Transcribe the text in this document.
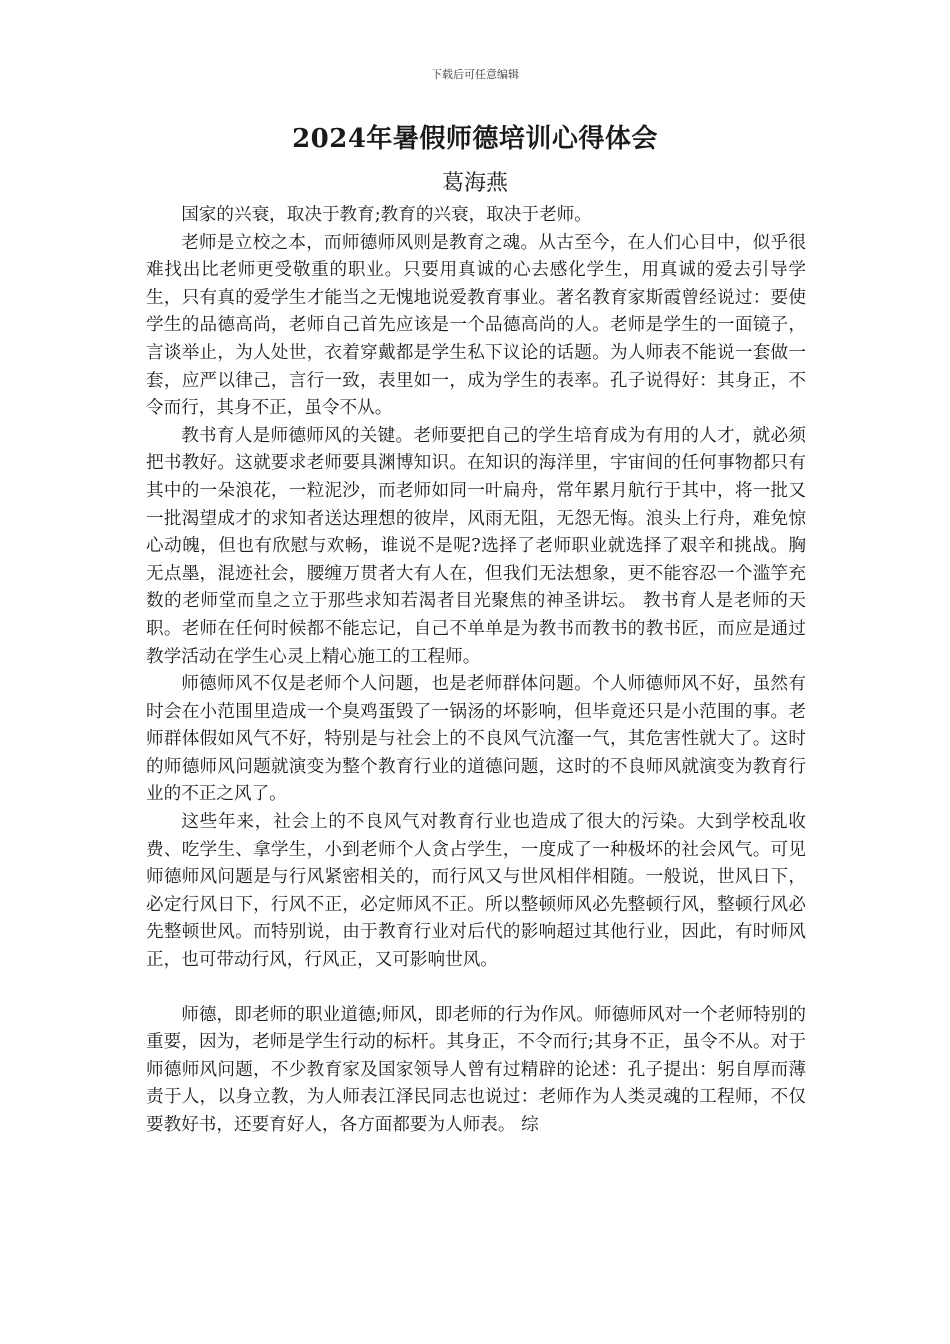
下载后可任意编辑
2024年暑假师德培训心得体会
葛海燕

国家的兴衰，取决于教育;教育的兴衰，取决于老师。

老师是立校之本，而师德师风则是教育之魂。从古至今，在人们心目中，似乎很难找出比老师更受敬重的职业。只要用真诚的心去感化学生，用真诚的爱去引导学生，只有真的爱学生才能当之无愧地说爱教育事业。著名教育家斯霞曾经说过：要使学生的品德高尚，老师自己首先应该是一个品德高尚的人。老师是学生的一面镜子，言谈举止，为人处世，衣着穿戴都是学生私下议论的话题。为人师表不能说一套做一套，应严以律己，言行一致，表里如一，成为学生的表率。孔子说得好：其身正，不令而行，其身不正，虽令不从。

教书育人是师德师风的关键。老师要把自己的学生培育成为有用的人才，就必须把书教好。这就要求老师要具渊博知识。在知识的海洋里，宇宙间的任何事物都只有其中的一朵浪花，一粒泥沙，而老师如同一叶扁舟，常年累月航行于其中，将一批又一批渴望成才的求知者送达理想的彼岸，风雨无阻，无怨无悔。浪头上行舟，难免惊心动魄，但也有欣慰与欢畅，谁说不是呢?选择了老师职业就选择了艰辛和挑战。胸无点墨，混迹社会，腰缠万贯者大有人在，但我们无法想象，更不能容忍一个滥竽充数的老师堂而皇之立于那些求知若渴者目光聚焦的神圣讲坛。 教书育人是老师的天职。老师在任何时候都不能忘记，自己不单单是为教书而教书的教书匠，而应是通过教学活动在学生心灵上精心施工的工程师。

师德师风不仅是老师个人问题，也是老师群体问题。个人师德师风不好，虽然有时会在小范围里造成一个臭鸡蛋毁了一锅汤的坏影响，但毕竟还只是小范围的事。老师群体假如风气不好，特别是与社会上的不良风气沆瀣一气，其危害性就大了。这时的师德师风问题就演变为整个教育行业的道德问题，这时的不良师风就演变为教育行业的不正之风了。

这些年来，社会上的不良风气对教育行业也造成了很大的污染。大到学校乱收费、吃学生、拿学生，小到老师个人贪占学生，一度成了一种极坏的社会风气。可见师德师风问题是与行风紧密相关的，而行风又与世风相伴相随。一般说，世风日下，必定行风日下，行风不正，必定师风不正。所以整顿师风必先整顿行风，整顿行风必先整顿世风。而特别说，由于教育行业对后代的影响超过其他行业，因此，有时师风正，也可带动行风，行风正，又可影响世风。

师德，即老师的职业道德;师风，即老师的行为作风。师德师风对一个老师特别的重要，因为，老师是学生行动的标杆。其身正，不令而行;其身不正，虽令不从。对于师德师风问题，不少教育家及国家领导人曾有过精辟的论述：孔子提出：躬自厚而薄责于人，以身立教，为人师表江泽民同志也说过：老师作为人类灵魂的工程师，不仅要教好书，还要育好人，各方面都要为人师表。 综
